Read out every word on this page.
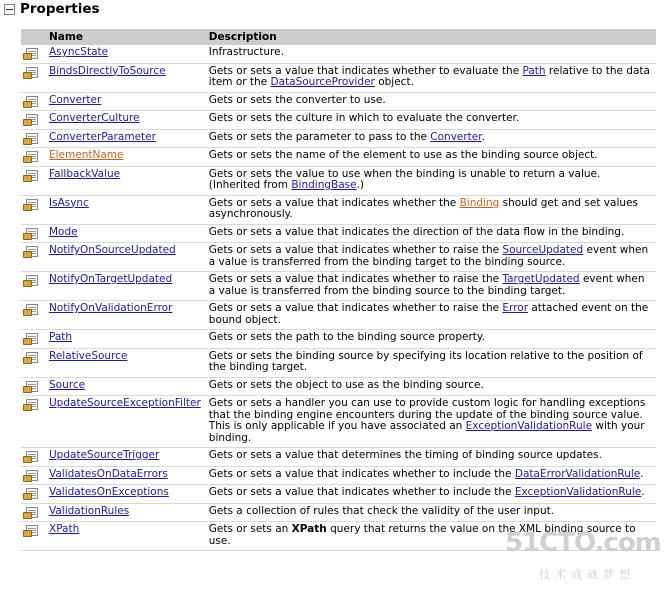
Properties
	Name	Description

	AsyncState	Infrastructure.

	BindsDirectlyToSource	Gets or sets a value that indicates whether to evaluate the Path relative to the data item or the DataSourceProvider object.

	Converter	Gets or sets the converter to use.

	ConverterCulture	Gets or sets the culture in which to evaluate the converter.

	ConverterParameter	Gets or sets the parameter to pass to the Converter.

	ElementName	Gets or sets the name of the element to use as the binding source object.

	FallbackValue	Gets or sets the value to use when the binding is unable to return a value. (Inherited from BindingBase.)

	IsAsync	Gets or sets a value that indicates whether the Binding should get and set values asynchronously.

	Mode	Gets or sets a value that indicates the direction of the data flow in the binding.

	NotifyOnSourceUpdated	Gets or sets a value that indicates whether to raise the SourceUpdated event when a value is transferred from the binding target to the binding source.

	NotifyOnTargetUpdated	Gets or sets a value that indicates whether to raise the TargetUpdated event when a value is transferred from the binding source to the binding target.

	NotifyOnValidationError	Gets or sets a value that indicates whether to raise the Error attached event on the bound object.

	Path	Gets or sets the path to the binding source property.

	RelativeSource	Gets or sets the binding source by specifying its location relative to the position of the binding target.

	Source	Gets or sets the object to use as the binding source.

	UpdateSourceExceptionFilter	Gets or sets a handler you can use to provide custom logic for handling exceptions that the binding engine encounters during the update of the binding source value. This is only applicable if you have associated an ExceptionValidationRule with your binding.

	UpdateSourceTrigger	Gets or sets a value that determines the timing of binding source updates.

	ValidatesOnDataErrors	Gets or sets a value that indicates whether to include the DataErrorValidationRule.

	ValidatesOnExceptions	Gets or sets a value that indicates whether to include the ExceptionValidationRule.

	ValidationRules	Gets a collection of rules that check the validity of the user input.

	XPath	Gets or sets an XPath query that returns the value on the XML binding source to use.	51CTO.com
技术成就梦想
